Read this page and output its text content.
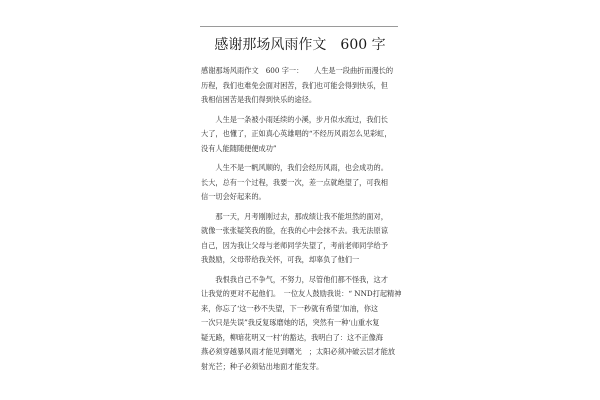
感谢那场风雨作文　600 字
感谢那场风雨作文　600 字一：　　人生是一段曲折而漫长的
历程，我们也难免会面对困苦，我们也可能会得到快乐，但
我相信困苦是我们得到快乐的途径。
　　人生是一条被小雨延续的小溪，步月似水流过，我们长
大了，也懂了，正如真心英雄唱的“不经历风雨怎么见彩虹，
没有人能随随便便成功”
　　人生不是一帆风顺的，我们会经历风雨，也会成功的。
长大，总有一个过程，我要一次，差一点就绝望了，可我相
信一切会好起来的。
　　那一天，月考刚刚过去，那成绩让我不能坦然的面对，
就像一张张疑笑我的脸，在我的心中会抹不去。我无法原谅
自己，因为我让父母与老师同学失望了，考前老师同学给予
我鼓励，父母带给我关怀，可我，却辜负了他们一
　　我恨我自己不争气，不努力，尽管他们都不怪我，这才
让我觉的更对不起他们。　一位友人鼓励我说：“ NND打起精神
来，你忘了‘这一秒不失望，下一秒就有希望’加油，你这
一次只是失误”我反复琢磨她的话，突然有一种‘山重水复
疑无路，柳暗花明又一村’的豁达，我明白了：这不正像海
燕必须穿越暴风雨才能见到曙光　；太阳必须冲破云层才能放
射光芒；种子必须钻出地面才能发芽。
